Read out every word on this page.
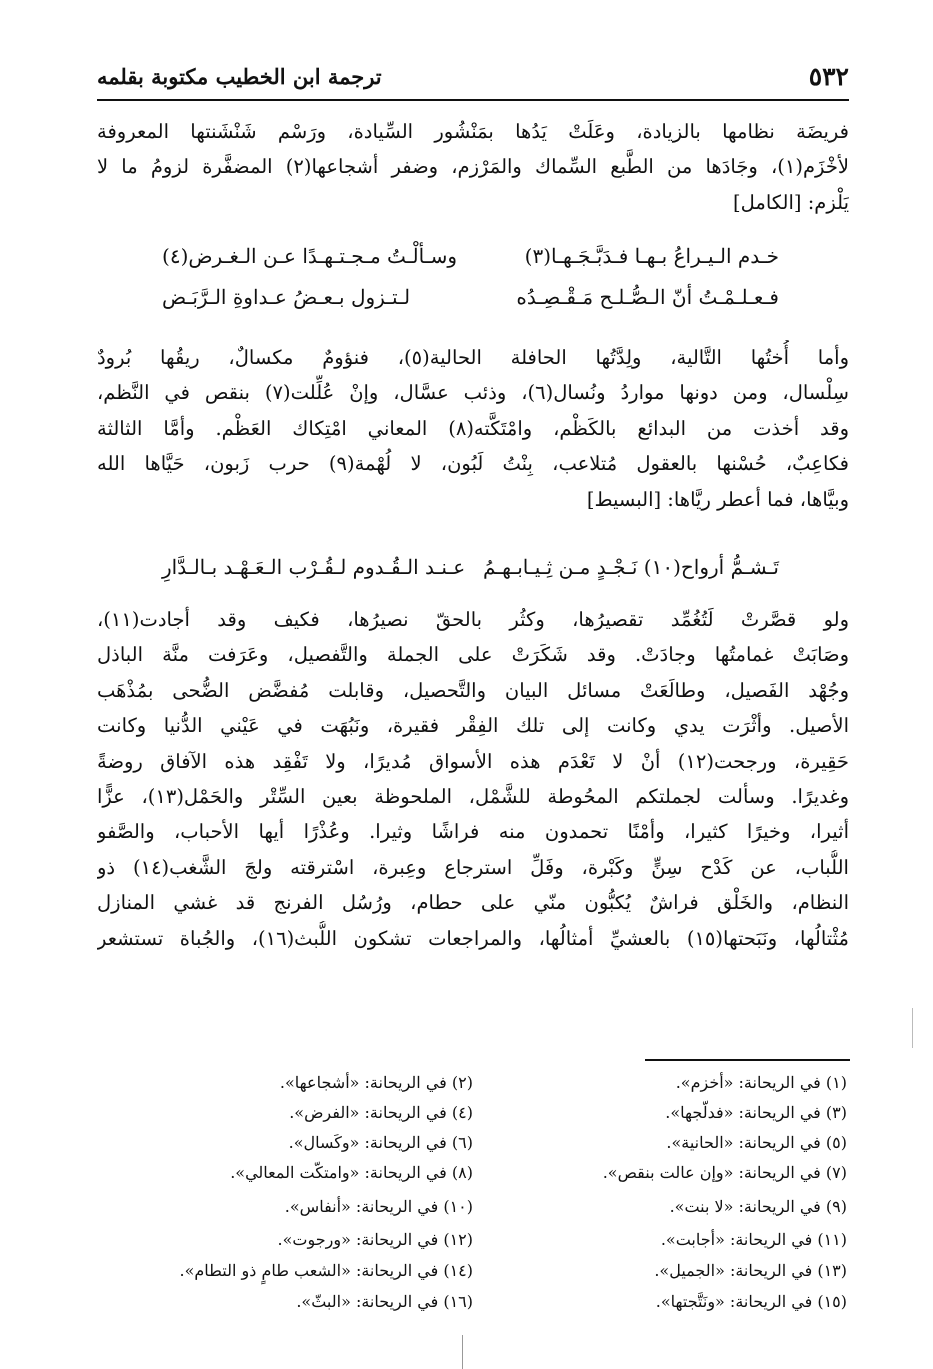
٥٣٢
ترجمة ابن الخطيب مكتوبة بقلمه
فريضَة نظامها بالزيادة، وعَلَتْ يَدُها بمَنْشُور السِّيادة، ورَسْم شَنْشَنتها المعروفة
لأخْزَم(١)، وجَادَها من الطَّبع السِّماك والمَرْزم، وضفر أشجاعها(٢) المضفَّرة لزومُ ما لا
يَلْزم: [الكامل]
خـدم الـيـراعُ بـهـا فـدَبَّـجَـهـا(٣)
وسـألْـتُ مـجـتـهـدًا عـن الـغـرض(٤)
فـعـلـمْـتُ أنّ الـصُّـلـح مَـقْـصِـدُه
لـتـزول بـعـضُ عـداوةِ الـرَّبَـض
وأما أُختُها التَّالية، ولِدَّتُها الحافلة الحالية(٥)، فنؤومٌ مكسالٌ، ريقُها بُرودٌ
سِلْسال، ومن دونها مواردُ ونُسال(٦)، وذئب عسَّال، وإنْ عُلِّلت(٧) بنقص في النَّظم،
وقد أخذت من البدائع بالكَظْم، وامْتَكَّته(٨) المعاني امْتِكاك العَظْم. وأمَّا الثالثة
فكاعِبٌ، حُسْنها بالعقول مُتلاعب، بِنْتُ لَبُون، لا لُهْمة(٩) حرب زَبون، حَيَّاها الله
وبيَّاها، فما أعطر ريَّاها: [البسيط]
تَـشـمُّ أرواح(١٠) نَـجْـدٍ مـن ثِـيـابـهـمُ
عـنـد الـقُـدوم لـقُـرْب الـعَـهْـد بـالـدَّارِ
ولو قصَّرتْ لَتُغُمِّد تقصيرُها، وكثُر بالحقّ نصيرُها، فكيف وقد أجادت(١١)،
وصَابَتْ غمامتُها وجادَتْ. وقد شَكَرَتْ على الجملة والتَّفصيل، وعَرَفت منَّة الباذل
وجُهْد الفَصيل، وطالَعَتْ مسائل البيان والتَّحصيل، وقابلت مُفضَّض الضُّحى بمُذْهَب
الأصيل. وأثْرَت يدي وكانت إلى تلك الفِقْر فقيرة، ونَبُهَت في عَيْني الدُّنيا وكانت
حَقِيرة، ورجحت(١٢) أنْ لا تَعْدَم هذه الأسواق مُديرًا، ولا تَفْقِد هذه الآفاق روضةً
وغديرًا. وسألت لجملتكم المحُوطة للشَّمْل، الملحوظة بعين السِّتْر والحَمْل(١٣)، عزًّا
أثيرا، وخيرًا كثيرا، وأمْنًا تحمدون منه فراشًا وثيرا. وعُذْرًا أيها الأحباب، والصَّفو
اللُّباب، عن كَدْح سِنٍّ وكَبْرة، وفَلِّ استرجاع وعِبرة، اسْترقته ولجَ الشَّغب(١٤) ذو
النظام، والخَلْق فراشٌ يُكبُّون منّي على حطام، ورُسُل الفرنج قد غشي المنازل
مُثْتالُها، ونَبَحتها(١٥) بالعشيِّ أمثالُها، والمراجعات تشكون اللُّبث(١٦)، والجُباة تستشعر
(١) في الريحانة: «أخزم».
(٣) في الريحانة: «فدلّجها».
(٥) في الريحانة: «الحانية».
(٧) في الريحانة: «وإن عالت بنقص».
(٩) في الريحانة: «لا بنت».
(١١) في الريحانة: «أجابت».
(١٣) في الريحانة: «الجميل».
(١٥) في الريحانة: «ونَتَّجتها».
(٢) في الريحانة: «أشجاعها».
(٤) في الريحانة: «الفرض».
(٦) في الريحانة: «وكَسال».
(٨) في الريحانة: «وامتكّت المعالي».
(١٠) في الريحانة: «أنفاس».
(١٢) في الريحانة: «ورجوت».
(١٤) في الريحانة: «الشعب طامٍ ذو التطام».
(١٦) في الريحانة: «البثّ».
